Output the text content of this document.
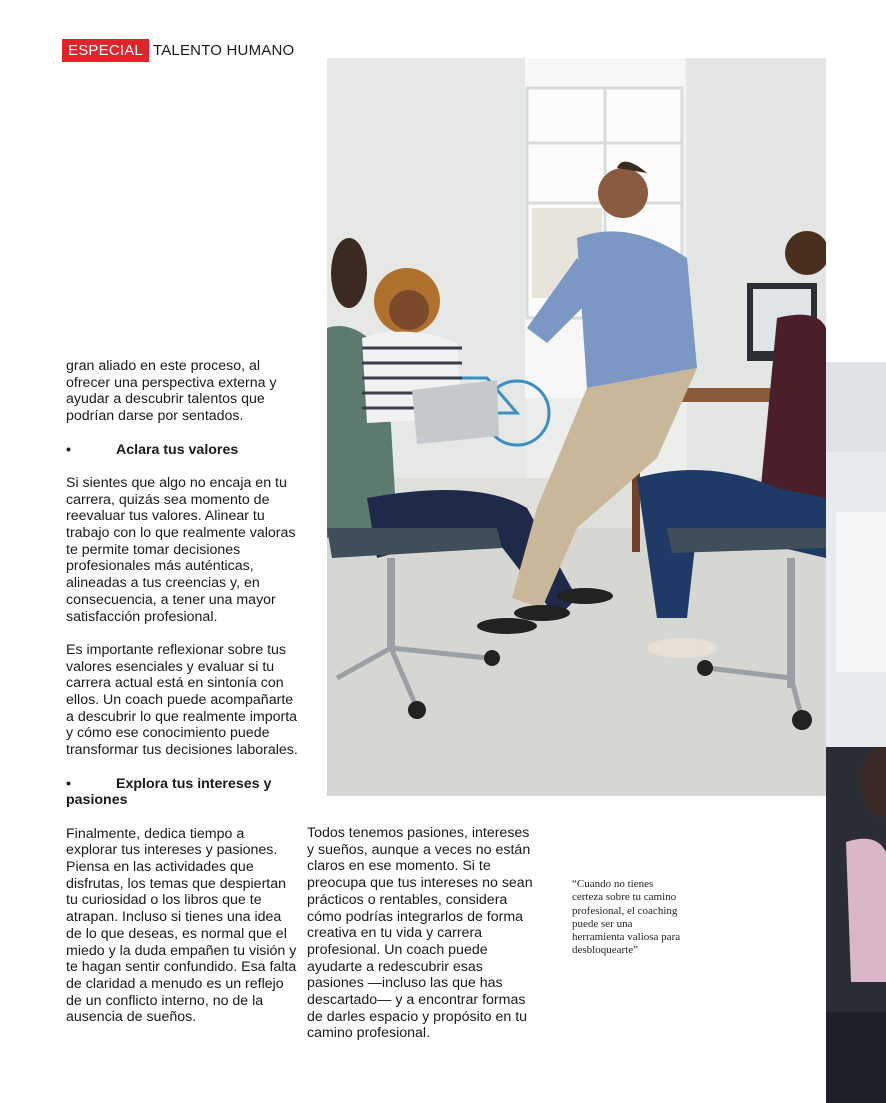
ESPECIAL TALENTO HUMANO

gran aliado en este proceso, al ofrecer una perspectiva externa y ayudar a descubrir talentos que podrían darse por sentados.

•	Aclara tus valores

Si sientes que algo no encaja en tu carrera, quizás sea momento de reevaluar tus valores. Alinear tu trabajo con lo que realmente valoras te permite tomar decisiones profesionales más auténticas, alineadas a tus creencias y, en consecuencia, a tener una mayor satisfacción profesional.

Es importante reflexionar sobre tus valores esenciales y evaluar si tu carrera actual está en sintonía con ellos. Un coach puede acompañarte a descubrir lo que realmente importa y cómo ese conocimiento puede transformar tus decisiones laborales.

•	Explora tus intereses y pasiones

Finalmente, dedica tiempo a explorar tus intereses y pasiones. Piensa en las actividades que disfrutas, los temas que despiertan tu curiosidad o los libros que te atrapan. Incluso si tienes una idea de lo que deseas, es normal que el miedo y la duda empañen tu visión y te hagan sentir confundido. Esa falta de claridad a menudo es un reflejo de un conflicto interno, no de la ausencia de sueños.

Todos tenemos pasiones, intereses y sueños, aunque a veces no están claros en ese momento. Si te preocupa que tus intereses no sean prácticos o rentables, considera cómo podrías integrarlos de forma creativa en tu vida y carrera profesional. Un coach puede ayudarte a redescubrir esas pasiones —incluso las que has descartado— y a encontrar formas de darles espacio y propósito en tu camino profesional.

“Cuando no tienes certeza sobre tu camino profesional, el coaching puede ser una herramienta valiosa para desbloquearte”
